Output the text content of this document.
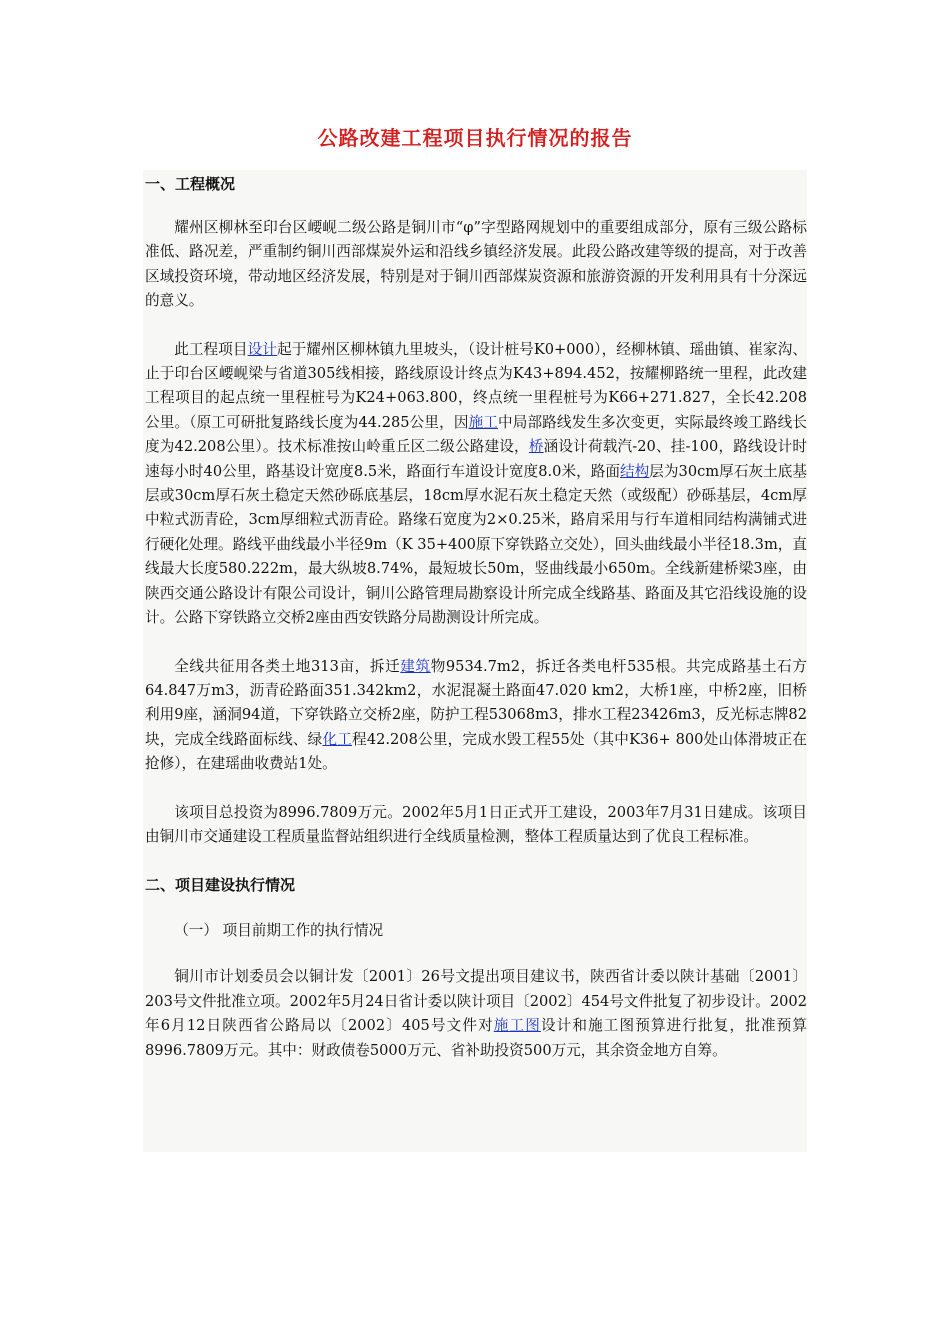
公路改建工程项目执行情况的报告
一、工程概况

耀州区柳林至印台区崾岘二级公路是铜川市“φ”字型路网规划中的重要组成部分，原有三级公路标准低、路况差，严重制约铜川西部煤炭外运和沿线乡镇经济发展。此段公路改建等级的提高，对于改善区域投资环境，带动地区经济发展，特别是对于铜川西部煤炭资源和旅游资源的开发利用具有十分深远的意义。

此工程项目设计起于耀州区柳林镇九里坡头，（设计桩号K0+000），经柳林镇、瑶曲镇、崔家沟、止于印台区崾岘梁与省道305线相接，路线原设计终点为K43+894.452，按耀柳路统一里程，此改建工程项目的起点统一里程桩号为K24+063.800，终点统一里程桩号为K66+271.827，全长42.208公里。（原工可研批复路线长度为44.285公里，因施工中局部路线发生多次变更，实际最终竣工路线长度为42.208公里）。技术标准按山岭重丘区二级公路建设，桥涵设计荷载汽-20、挂-100，路线设计时速每小时40公里，路基设计宽度8.5米，路面行车道设计宽度8.0米，路面结构层为30cm厚石灰土底基层或30cm厚石灰土稳定天然砂砾底基层，18cm厚水泥石灰土稳定天然（或级配）砂砾基层，4cm厚中粒式沥青砼，3cm厚细粒式沥青砼。路缘石宽度为2×0.25米，路肩采用与行车道相同结构满铺式进行硬化处理。路线平曲线最小半径9m（K 35+400原下穿铁路立交处），回头曲线最小半径18.3m，直线最大长度580.222m，最大纵坡8.74%，最短坡长50m，竖曲线最小650m。全线新建桥梁3座，由陕西交通公路设计有限公司设计，铜川公路管理局勘察设计所完成全线路基、路面及其它沿线设施的设计。公路下穿铁路立交桥2座由西安铁路分局勘测设计所完成。

全线共征用各类土地313亩，拆迁建筑物9534.7m2，拆迁各类电杆535根。共完成路基土石方64.847万m3，沥青砼路面351.342km2，水泥混凝土路面47.020 km2，大桥1座，中桥2座，旧桥利用9座，涵洞94道，下穿铁路立交桥2座，防护工程53068m3，排水工程23426m3，反光标志牌82块，完成全线路面标线、绿化工程42.208公里，完成水毁工程55处（其中K36+ 800处山体滑坡正在抢修），在建瑶曲收费站1处。

该项目总投资为8996.7809万元。2002年5月1日正式开工建设，2003年7月31日建成。该项目由铜川市交通建设工程质量监督站组织进行全线质量检测，整体工程质量达到了优良工程标准。

二、项目建设执行情况
（一） 项目前期工作的执行情况

铜川市计划委员会以铜计发〔2001〕26号文提出项目建议书，陕西省计委以陕计基础〔2001〕203号文件批准立项。2002年5月24日省计委以陕计项目〔2002〕454号文件批复了初步设计。2002年6月12日陕西省公路局以〔2002〕405号文件对施工图设计和施工图预算进行批复，批准预算8996.7809万元。其中：财政债卷5000万元、省补助投资500万元，其余资金地方自筹。
